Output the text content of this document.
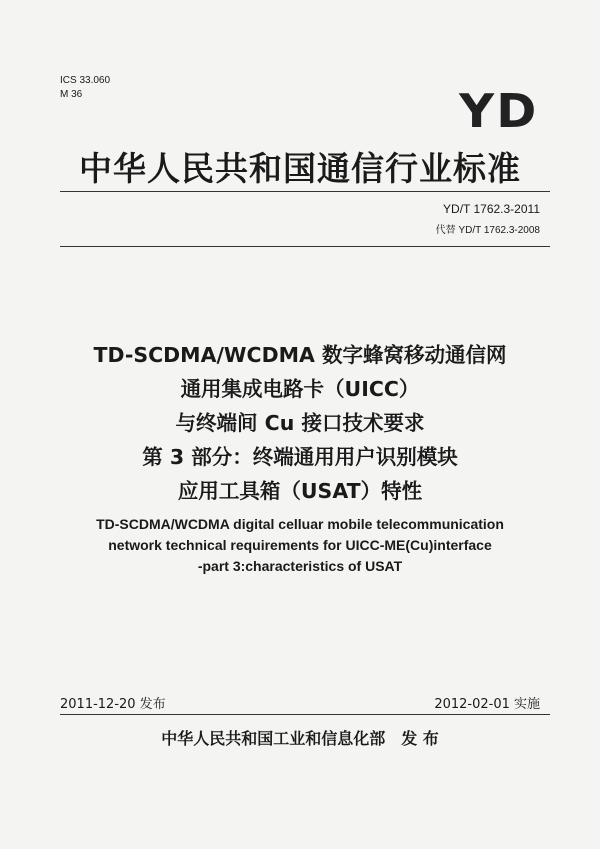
ICS 33.060
M 36	YD
中华人民共和国通信行业标准
YD/T 1762.3-2011
代替 YD/T 1762.3-2008
TD-SCDMA/WCDMA 数字蜂窝移动通信网
通用集成电路卡（UICC）
与终端间 Cu 接口技术要求
第 3 部分：终端通用用户识别模块
应用工具箱（USAT）特性
TD-SCDMA/WCDMA digital celluar mobile telecommunication
network technical requirements for UICC-ME(Cu)interface
-part 3:characteristics of USAT
2011-12-20 发布	2012-02-01 实施
中华人民共和国工业和信息化部　发 布
